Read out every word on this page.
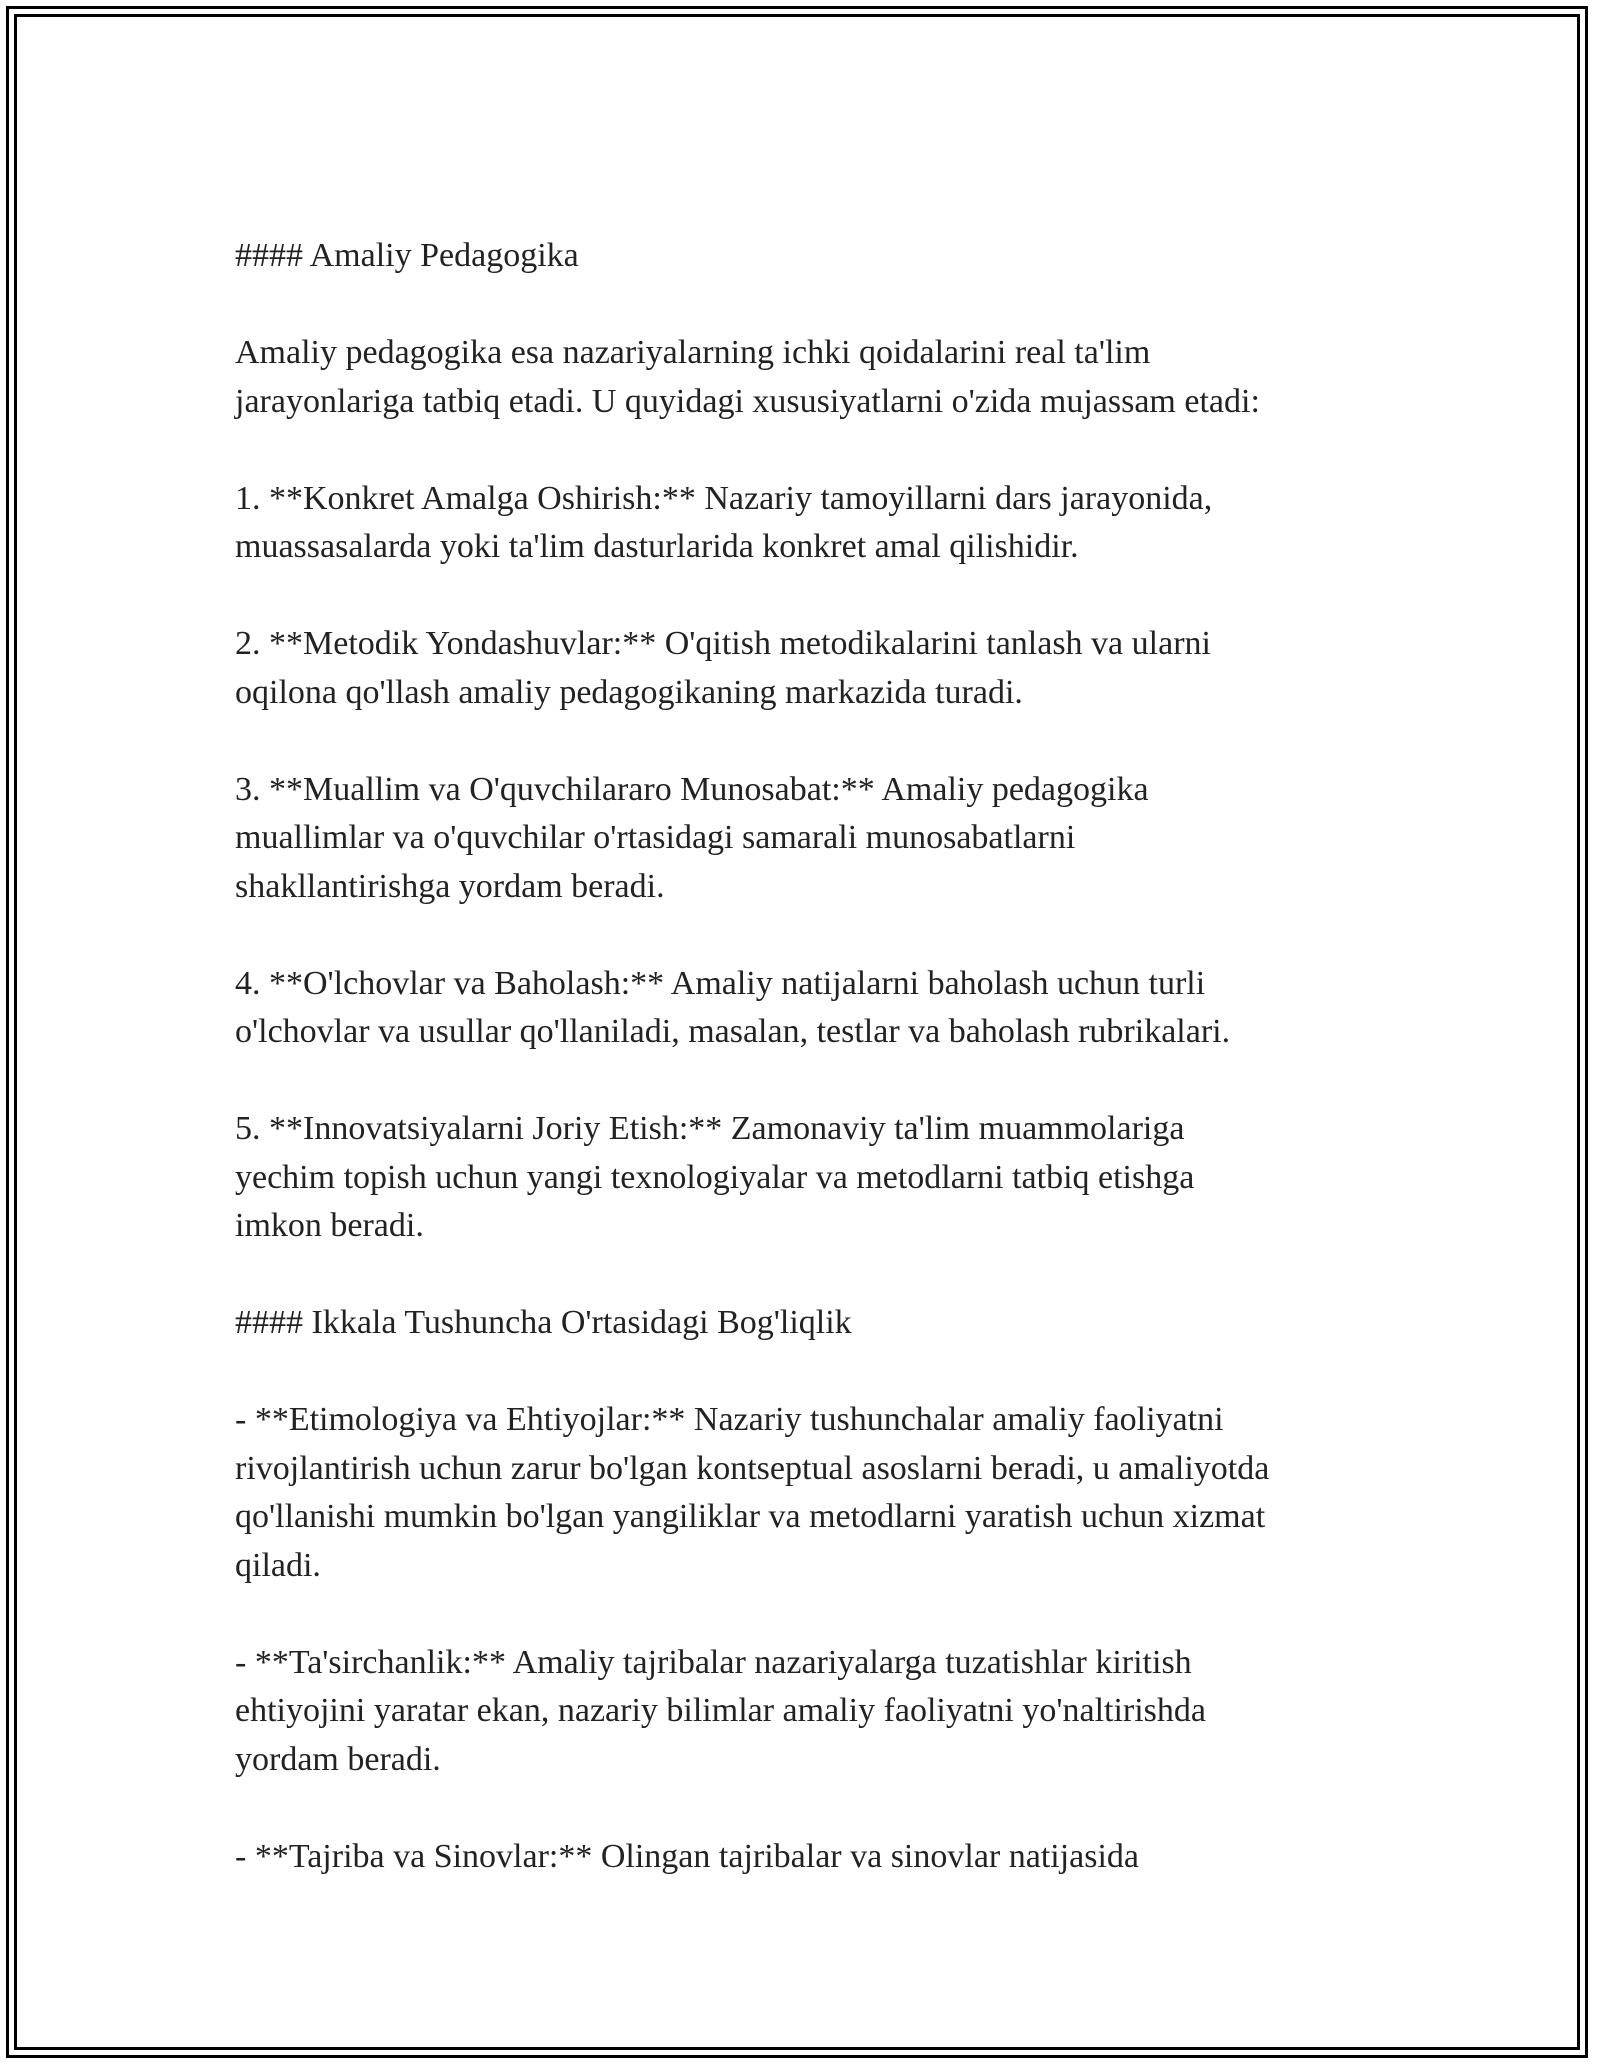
#### Amaliy Pedagogika

Amaliy pedagogika esa nazariyalarning ichki qoidalarini real ta'lim
jarayonlariga tatbiq etadi. U quyidagi xususiyatlarni o'zida mujassam etadi:

1. **Konkret Amalga Oshirish:** Nazariy tamoyillarni dars jarayonida,
muassasalarda yoki ta'lim dasturlarida konkret amal qilishidir.

2. **Metodik Yondashuvlar:** O'qitish metodikalarini tanlash va ularni
oqilona qo'llash amaliy pedagogikaning markazida turadi.

3. **Muallim va O'quvchilararo Munosabat:** Amaliy pedagogika
muallimlar va o'quvchilar o'rtasidagi samarali munosabatlarni
shakllantirishga yordam beradi.

4. **O'lchovlar va Baholash:** Amaliy natijalarni baholash uchun turli
o'lchovlar va usullar qo'llaniladi, masalan, testlar va baholash rubrikalari.

5. **Innovatsiyalarni Joriy Etish:** Zamonaviy ta'lim muammolariga
yechim topish uchun yangi texnologiyalar va metodlarni tatbiq etishga
imkon beradi.

#### Ikkala Tushuncha O'rtasidagi Bog'liqlik

- **Etimologiya va Ehtiyojlar:** Nazariy tushunchalar amaliy faoliyatni
rivojlantirish uchun zarur bo'lgan kontseptual asoslarni beradi, u amaliyotda
qo'llanishi mumkin bo'lgan yangiliklar va metodlarni yaratish uchun xizmat
qiladi.

- **Ta'sirchanlik:** Amaliy tajribalar nazariyalarga tuzatishlar kiritish
ehtiyojini yaratar ekan, nazariy bilimlar amaliy faoliyatni yo'naltirishda
yordam beradi.

- **Tajriba va Sinovlar:** Olingan tajribalar va sinovlar natijasida
